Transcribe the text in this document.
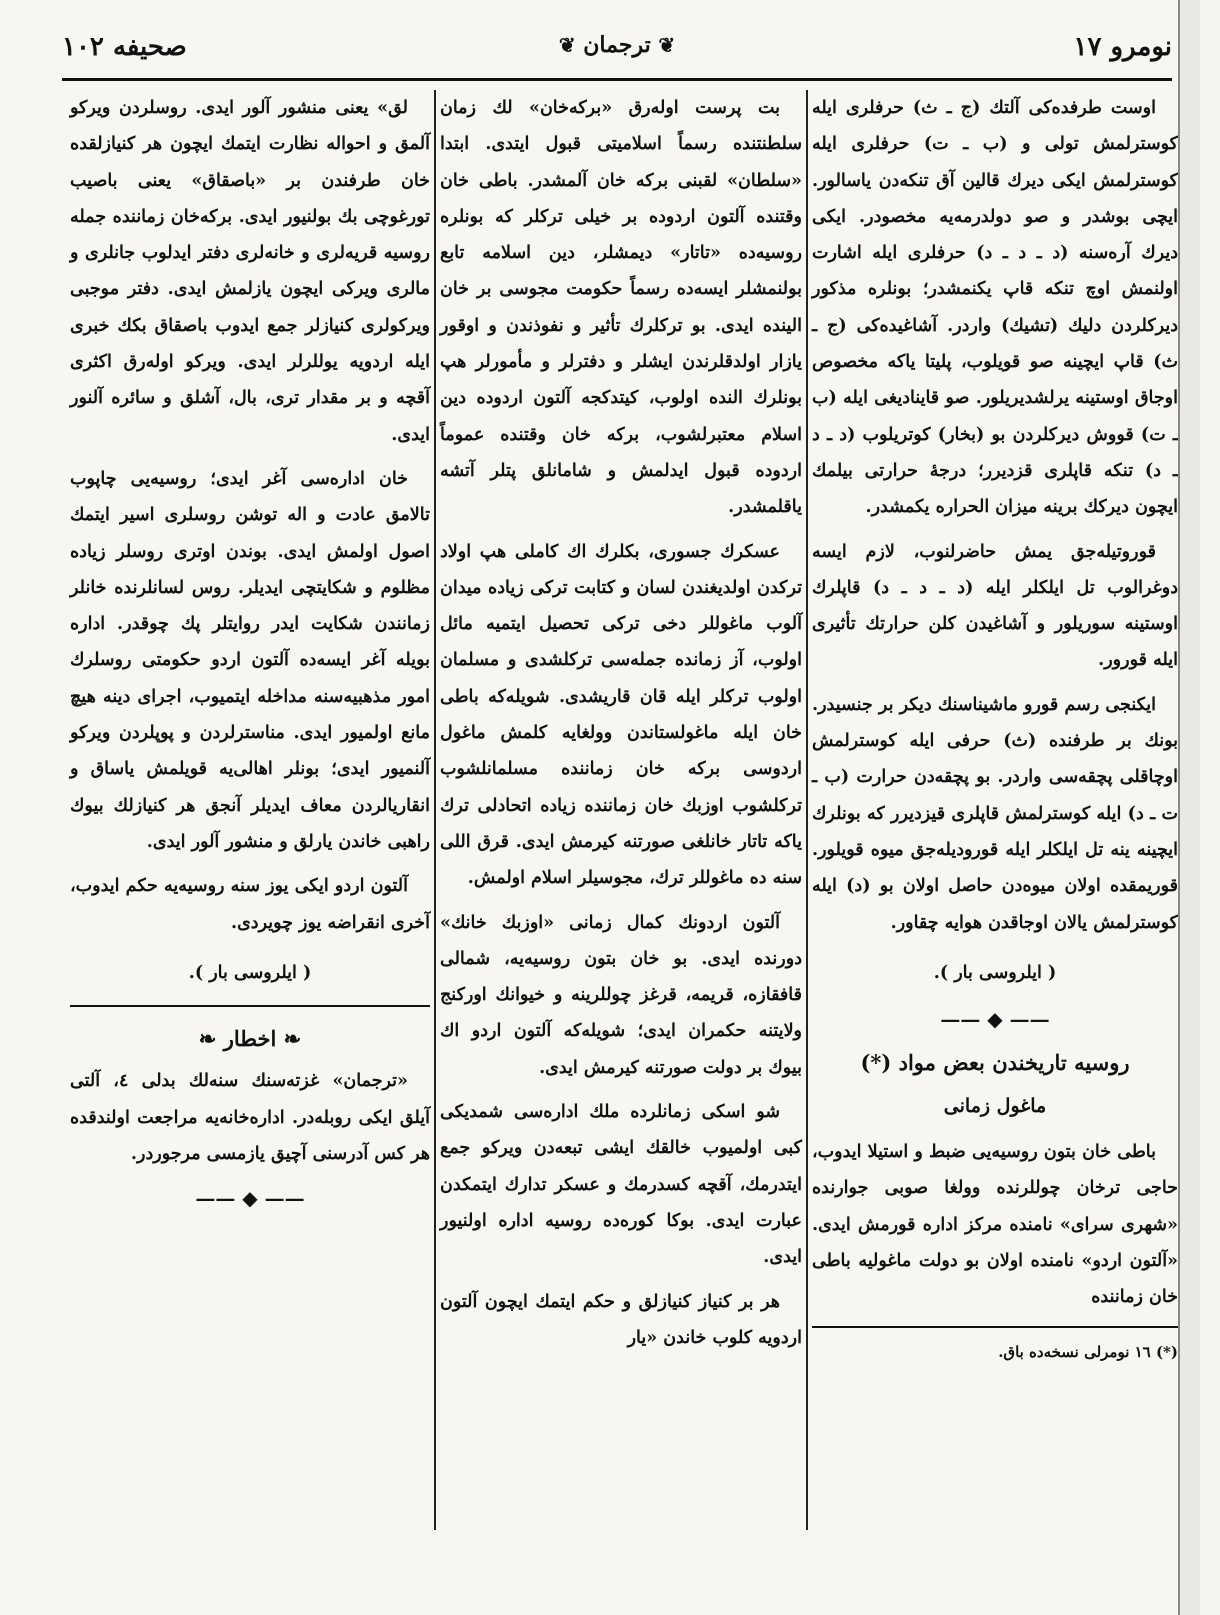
نومرو ١٧
❦ ترجمان ❦
صحيفه ١٠٢

اوست طرفده‌کی آلتك (ج ـ ث) حرفلری ایله کوسترلمش تولی و (ب ـ ت) حرفلری ایله کوسترلمش ایکی دیرك قالین آق تنکه‌دن یاسالور. ایچی بوشدر و صو دولدرمه‌یه مخصودر. ایکی دیرك آره‌سنه (د ـ د ـ د) حرفلری ایله اشارت اولنمش اوچ تنکه قاپ یکنمشدر؛ بونلره مذکور دیرکلردن دلیك (تشیك) واردر. آشاغیده‌کی (ج ـ ث) قاپ ایچینه صو قویلوب، پلیتا یاکه مخصوص اوجاق اوستینه یرلشدیریلور. صو قاینادیغی ایله (ب ـ ت) قووش دیرکلردن بو (بخار) کوتریلوب (د ـ د ـ د) تنکه قاپلری قزدیرر؛ درجهٔ حرارتی بیلمك ایچون دیرکك برینه میزان الحراره یکمشدر.

قوروتیله‌جق یمش حاضرلنوب، لازم ایسه دوغرالوب تل ایلکلر ایله (د ـ د ـ د) قاپلرك اوستینه سوریلور و آشاغیدن کلن حرارتك تأثیری ایله قورور.

ایکنجی رسم قورو ماشیناسنك دیکر بر جنسیدر. بونك بر طرفنده (ث) حرفی ایله کوسترلمش اوچاقلی پچقه‌سی واردر. بو پچقه‌دن حرارت (ب ـ ت ـ د) ایله کوسترلمش قاپلری قیزدیرر که بونلرك ایچینه ینه تل ایلکلر ایله قورودیله‌جق میوه قویلور. قوریمقده اولان میوه‌دن حاصل اولان بو (د) ایله کوسترلمش یالان اوجاقدن هوایه چقاور.

( ایلروسی بار ).
—— ◆ ——
روسیه تاریخندن بعض مواد (*)
ماغول زمانی

باطی خان بتون روسیه‌یی ضبط و استیلا ایدوب، حاجی ترخان چوللرنده وولغا صوبی جوارنده «شهری سرای» نامنده مرکز اداره قورمش ایدی. «آلتون اردو» نامنده اولان بو دولت ماغولیه باطی خان زماننده

(*) ١٦ نومرلی نسخه‌ده باق.

بت پرست اوله‌رق «برکه‌خان» لك زمان سلطنتنده رسماً اسلامیتی قبول ایتدی. ابتدا «سلطان» لقبنی برکه خان آلمشدر. باطی خان وقتنده آلتون اردوده بر خیلی ترکلر که بونلره روسیه‌ده «تاتار» دیمشلر، دین اسلامه تابع بولنمشلر ایسه‌ده رسماً حکومت مجوسی بر خان الینده ایدی. بو ترکلرك تأثیر و نفوذندن و اوقور یازار اولدقلرندن ایشلر و دفترلر و مأمورلر هپ بونلرك النده اولوب، کیتدکجه آلتون اردوده دین اسلام معتبرلشوب، برکه خان وقتنده عموماً اردوده قبول ایدلمش و شامانلق پتلر آتشه یاقلمشدر.

عسکرك جسوری، بکلرك اك کاملی هپ اولاد ترکدن اولدیغندن لسان و کتابت ترکی زیاده میدان آلوب ماغوللر دخی ترکی تحصیل ایتمیه مائل اولوب، آز زمانده جمله‌سی ترکلشدی و مسلمان اولوب ترکلر ایله قان قاریشدی. شویله‌که باطی خان ایله ماغولستاندن وولغایه کلمش ماغول اردوسی برکه خان زماننده مسلمانلشوب ترکلشوب اوزبك خان زماننده زیاده اتحادلی ترك یاکه تاتار خانلغی صورتنه کیرمش ایدی. قرق اللی سنه ده ماغوللر ترك، مجوسیلر اسلام اولمش.

آلتون اردونك کمال زمانی «اوزبك خانك» دورنده ایدی. بو خان بتون روسیه‌یه، شمالی قافقازه، قریمه، قرغز چوللرینه و خیوانك اورکنج ولایتنه حکمران ایدی؛ شویله‌که آلتون اردو اك بیوك بر دولت صورتنه کیرمش ایدی.

شو اسکی زمانلرده ملك اداره‌سی شمدیکی کبی اولمیوب خالقك ایشی تبعه‌دن ویرکو جمع ایتدرمك، آقچه کسدرمك و عسکر تدارك ایتمکدن عبارت ایدی. بوکا کوره‌ده روسیه اداره اولنیور ایدی.

هر بر کنیاز کنیازلق و حکم ایتمك ایچون آلتون اردویه کلوب خاندن «یار

لق» یعنی منشور آلور ایدی. روسلردن ویرکو آلمق و احواله نظارت ایتمك ایچون هر کنیازلقده خان طرفندن بر «باصقاق» یعنی باصیب تورغوچی بك بولنیور ایدی. برکه‌خان زماننده جمله روسیه قریه‌لری و خانه‌لری دفتر ایدلوب جانلری و مالری ویرکی ایچون یازلمش ایدی. دفتر موجبی ویرکولری کنیازلر جمع ایدوب باصقاق بکك خبری ایله اردویه یوللرلر ایدی. ویرکو اوله‌رق اکثری آقچه و بر مقدار تری، بال، آشلق و سائره آلنور ایدی.

خان اداره‌سی آغر ایدی؛ روسیه‌یی چاپوب تالامق عادت و اله توشن روسلری اسیر ایتمك اصول اولمش ایدی. بوندن اوتری روسلر زیاده مظلوم و شکایتچی ایدیلر. روس لسانلرنده خانلر زمانندن شکایت ایدر روایتلر پك چوقدر. اداره بویله آغر ایسه‌ده آلتون اردو حکومتی روسلرك امور مذهبیه‌سنه مداخله ایتمیوب، اجرای دینه هیچ مانع اولمیور ایدی. مناسترلردن و پوپلردن ویرکو آلنمیور ایدی؛ بونلر اهالی‌یه قویلمش یاساق و انقاریالردن معاف ایدیلر آنجق هر کنیازلك بیوك راهبی خاندن یارلق و منشور آلور ایدی.

آلتون اردو ایکی یوز سنه روسیه‌یه حکم ایدوب، آخری انقراضه یوز چویردی.

( ایلروسی بار ).
❧ اخطار ❧

«ترجمان» غزته‌سنك سنه‌لك بدلی ٤، آلتی آیلق ایکی روبله‌در. اداره‌خانه‌یه مراجعت اولندقده هر کس آدرسنی آچیق یازمسی مرجوردر.

—— ◆ ——
